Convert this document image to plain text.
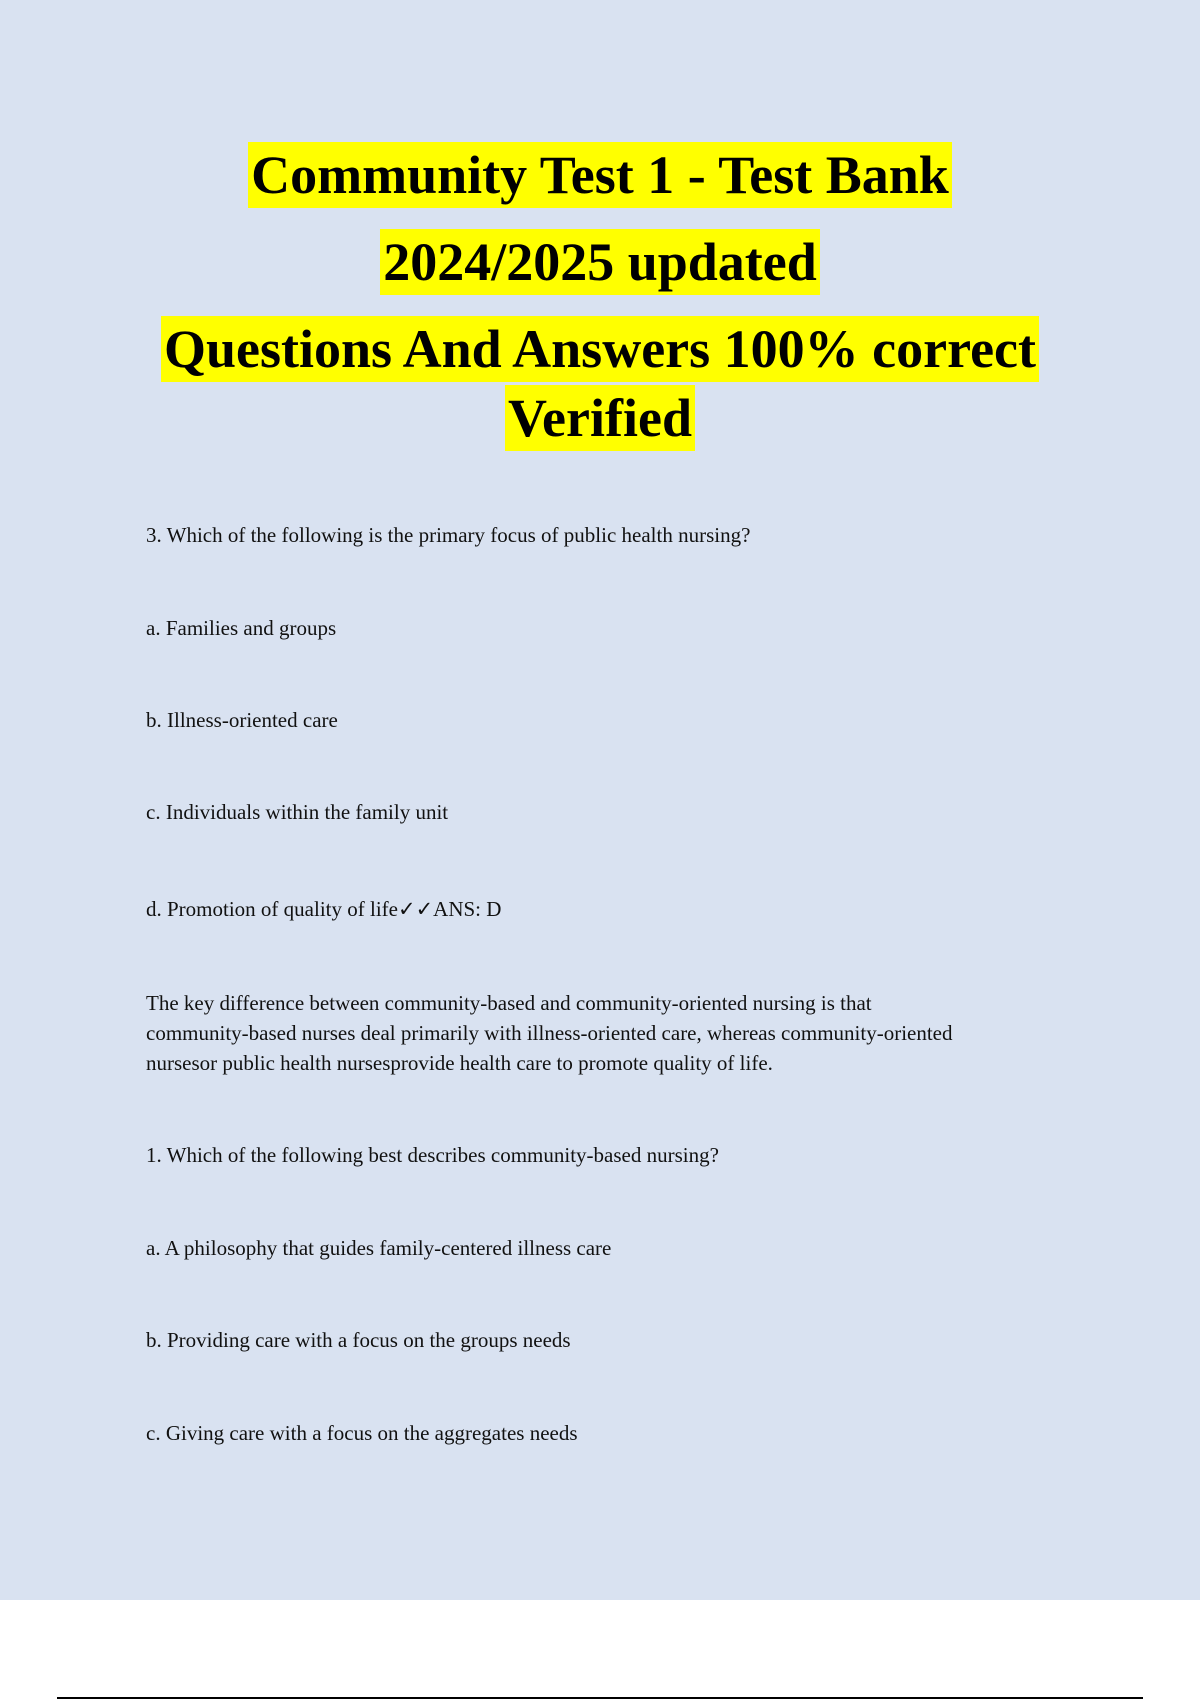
Community Test 1 - Test Bank
2024/2025 updated
Questions And Answers 100% correct
Verified
3. Which of the following is the primary focus of public health nursing?
a. Families and groups
b. Illness-oriented care
c. Individuals within the family unit
d. Promotion of quality of life✓✓ANS: D
The key difference between community-based and community-oriented nursing is that
community-based nurses deal primarily with illness-oriented care, whereas community-oriented
nursesor public health nursesprovide health care to promote quality of life.
1. Which of the following best describes community-based nursing?
a. A philosophy that guides family-centered illness care
b. Providing care with a focus on the groups needs
c. Giving care with a focus on the aggregates needs
